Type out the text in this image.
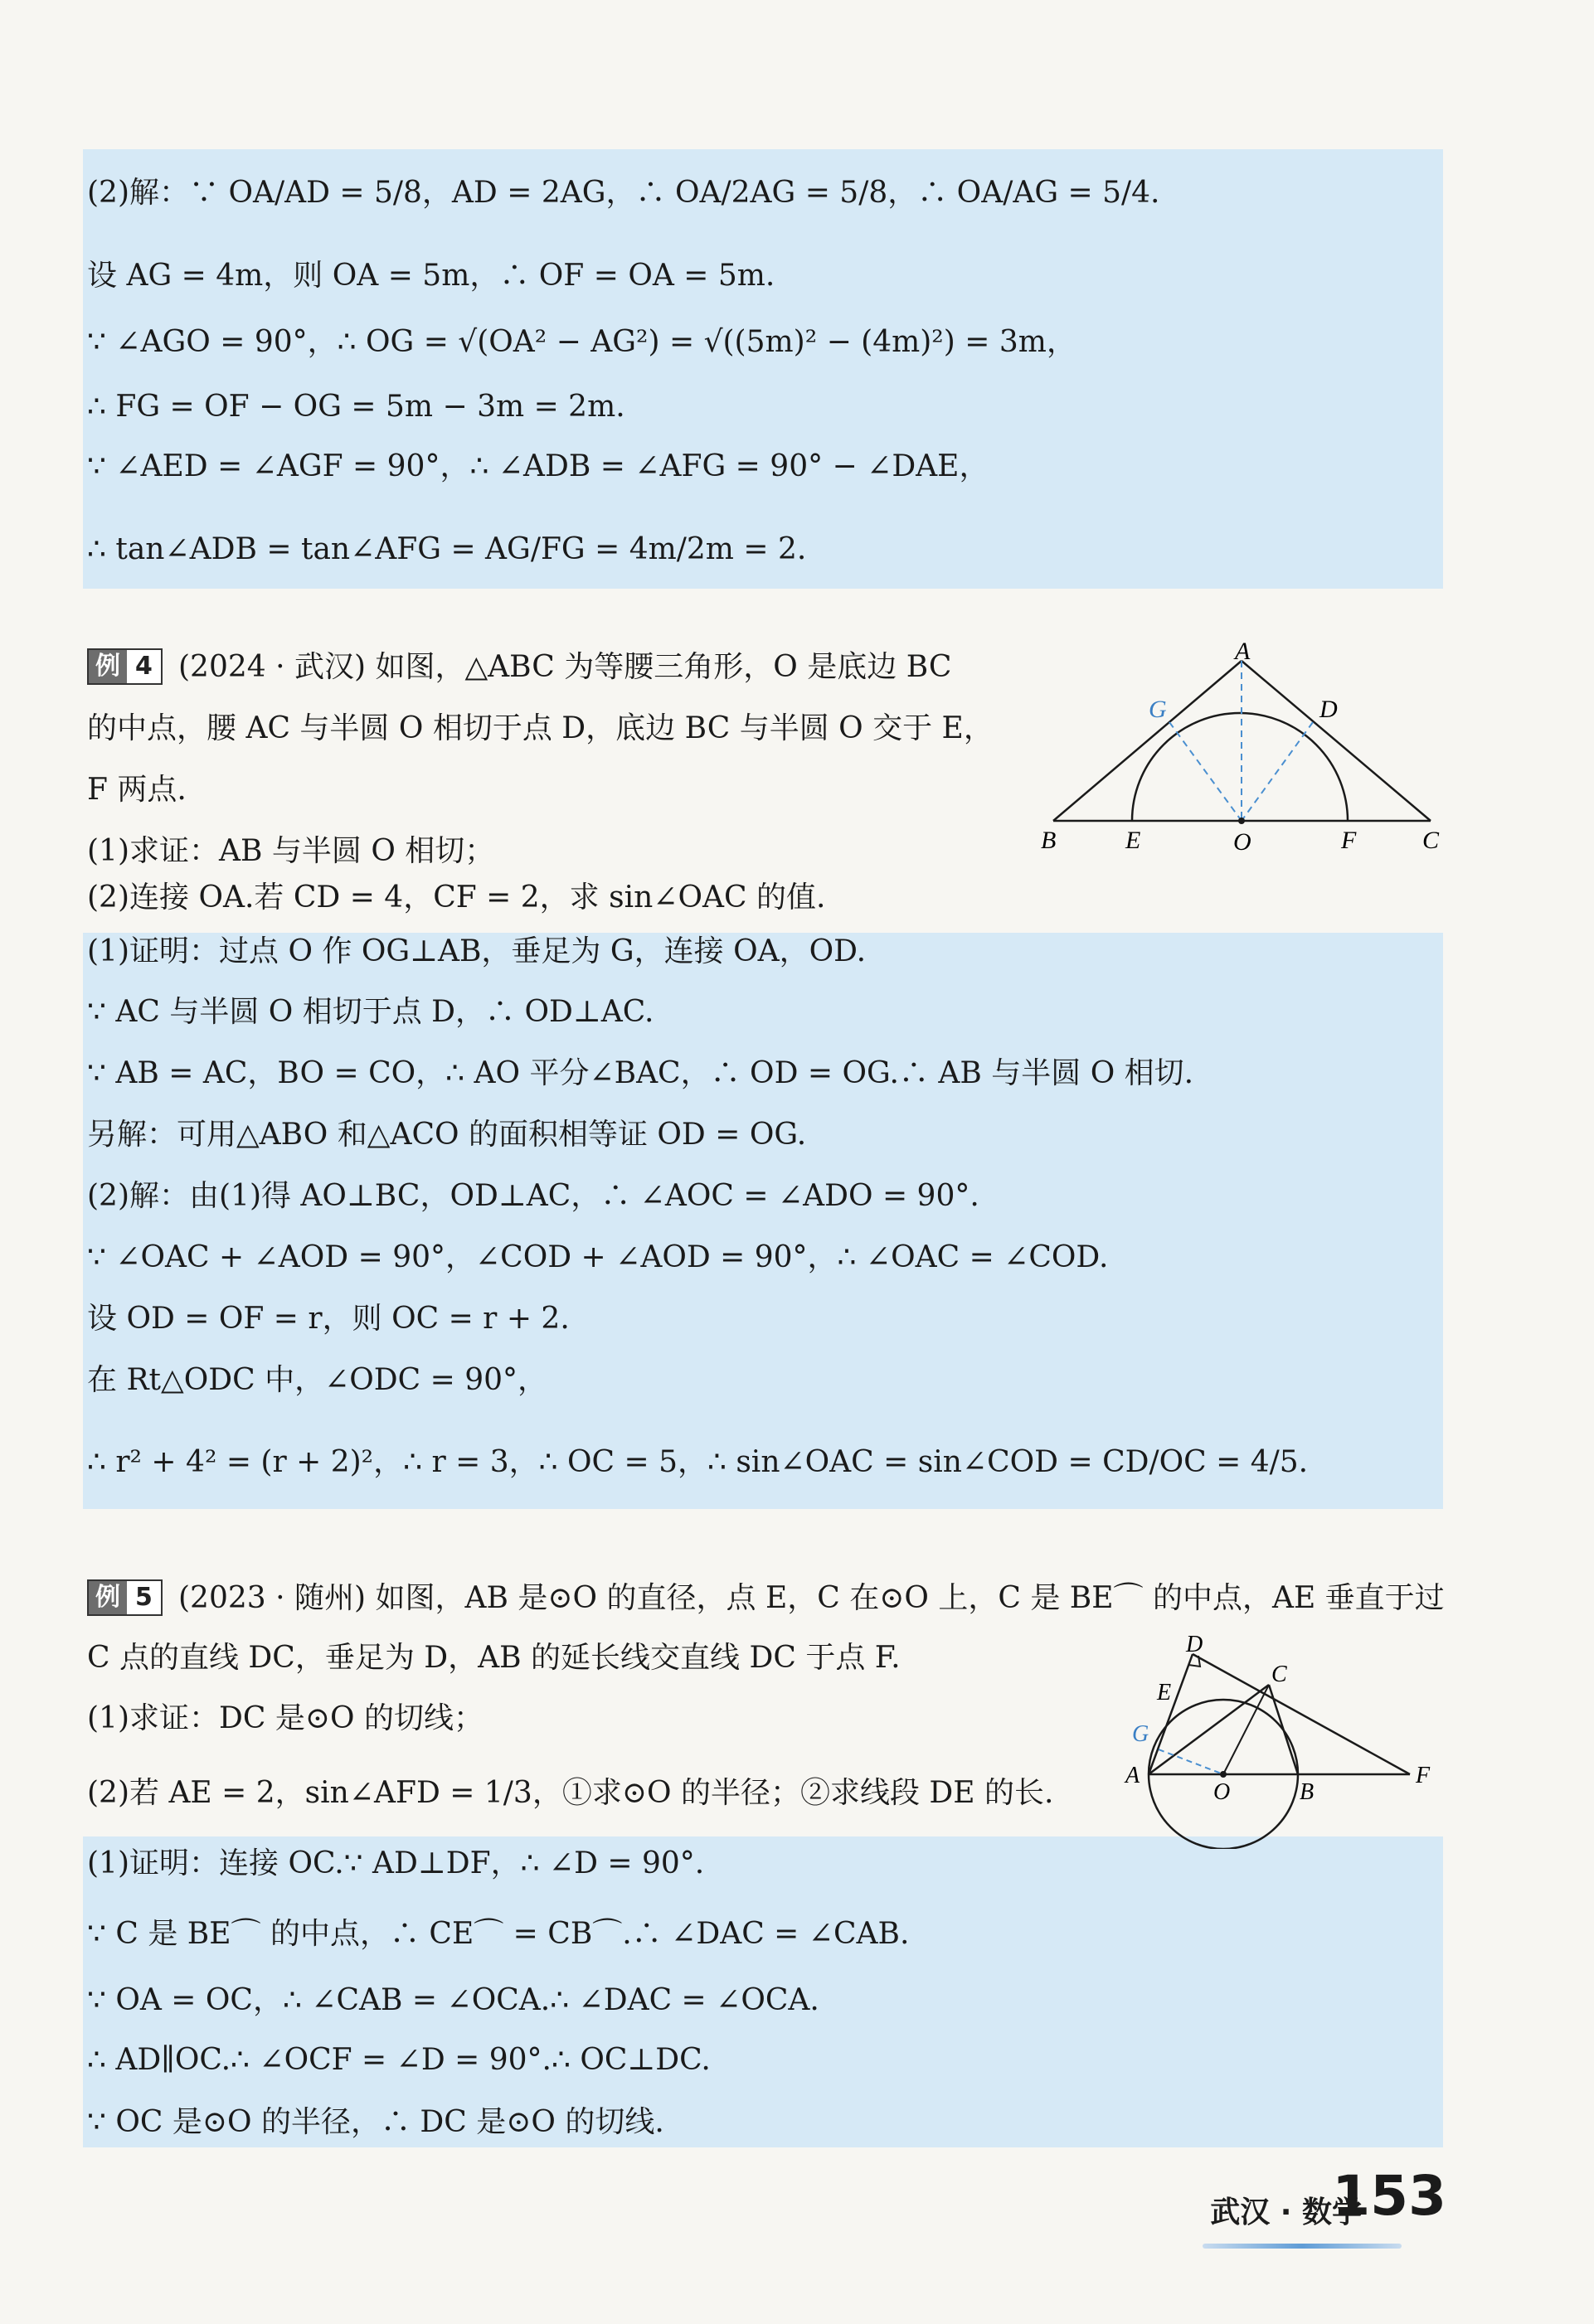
(2)解：∵ OA/AD = 5/8，AD = 2AG，∴ OA/2AG = 5/8，∴ OA/AG = 5/4.
设 AG = 4m，则 OA = 5m，∴ OF = OA = 5m.
∵ ∠AGO = 90°，∴ OG = √(OA² − AG²) = √((5m)² − (4m)²) = 3m，
∴ FG = OF − OG = 5m − 3m = 2m.
∵ ∠AED = ∠AGF = 90°，∴ ∠ADB = ∠AFG = 90° − ∠DAE，
∴ tan∠ADB = tan∠AFG = AG/FG = 4m/2m = 2.
例 4 (2024 · 武汉) 如图，△ABC 为等腰三角形，O 是底边 BC
的中点，腰 AC 与半圆 O 相切于点 D，底边 BC 与半圆 O 交于 E，
F 两点.
(1)求证：AB 与半圆 O 相切；
(2)连接 OA.若 CD = 4，CF = 2，求 sin∠OAC 的值.
A
G	D
B	E	O	F	C
(1)证明：过点 O 作 OG⊥AB，垂足为 G，连接 OA，OD.
∵ AC 与半圆 O 相切于点 D，∴ OD⊥AC.
∵ AB = AC，BO = CO，∴ AO 平分∠BAC，∴ OD = OG.∴ AB 与半圆 O 相切.
另解：可用△ABO 和△ACO 的面积相等证 OD = OG.
(2)解：由(1)得 AO⊥BC，OD⊥AC，∴ ∠AOC = ∠ADO = 90°.
∵ ∠OAC + ∠AOD = 90°，∠COD + ∠AOD = 90°，∴ ∠OAC = ∠COD.
设 OD = OF = r，则 OC = r + 2.
在 Rt△ODC 中，∠ODC = 90°，
∴ r² + 4² = (r + 2)²，∴ r = 3，∴ OC = 5，∴ sin∠OAC = sin∠COD = CD/OC = 4/5.
例 5 (2023 · 随州) 如图，AB 是⊙O 的直径，点 E，C 在⊙O 上，C 是 BE⌒ 的中点，AE 垂直于过
C 点的直线 DC，垂足为 D，AB 的延长线交直线 DC 于点 F.
(1)求证：DC 是⊙O 的切线；
(2)若 AE = 2，sin∠AFD = 1/3，①求⊙O 的半径；②求线段 DE 的长.
D
E
C
G
A
O	B
F
(1)证明：连接 OC.∵ AD⊥DF，∴ ∠D = 90°.
∵ C 是 BE⌒ 的中点，∴ CE⌒ = CB⌒.∴ ∠DAC = ∠CAB.
∵ OA = OC，∴ ∠CAB = ∠OCA.∴ ∠DAC = ∠OCA.
∴ AD∥OC.∴ ∠OCF = ∠D = 90°.∴ OC⊥DC.
∵ OC 是⊙O 的半径，∴ DC 是⊙O 的切线.
武汉 · 数学
153
